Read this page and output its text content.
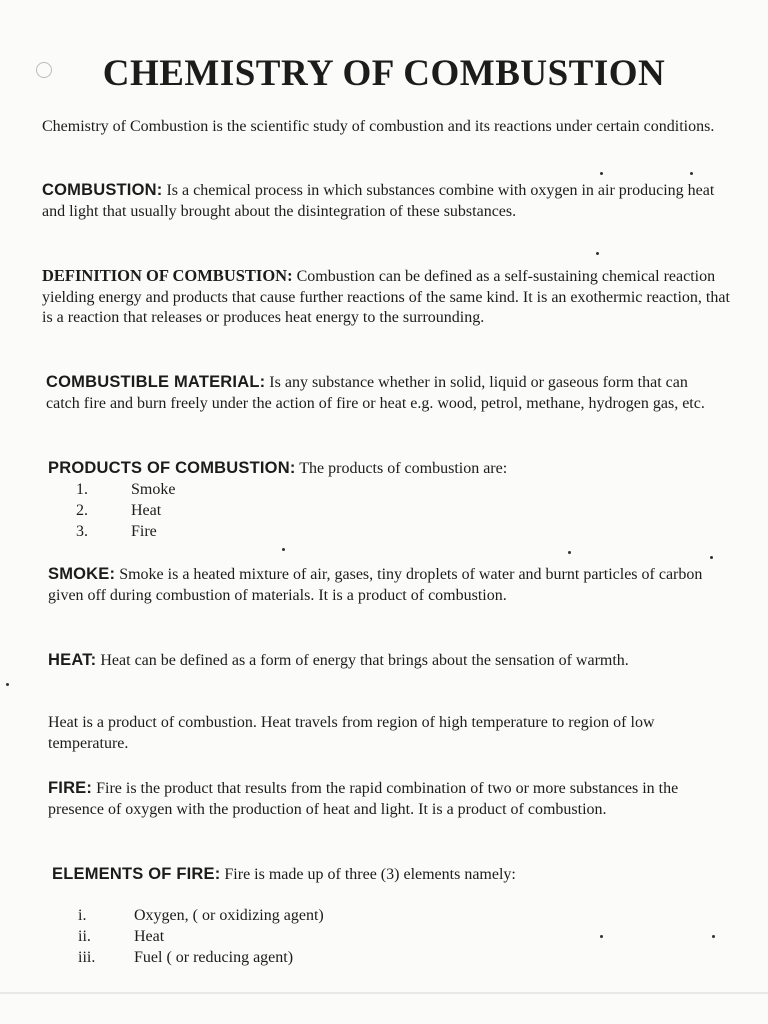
CHEMISTRY OF COMBUSTION

Chemistry of Combustion is the scientific study of combustion and its reactions under certain conditions.

COMBUSTION: Is a chemical process in which substances combine with oxygen in air producing heat and light that usually brought about the disintegration of these substances.

DEFINITION OF COMBUSTION: Combustion can be defined as a self-sustaining chemical reaction yielding energy and products that cause further reactions of the same kind. It is an exothermic reaction, that is a reaction that releases or produces heat energy to the surrounding.

COMBUSTIBLE MATERIAL: Is any substance whether in solid, liquid or gaseous form that can catch fire and burn freely under the action of fire or heat e.g. wood, petrol, methane, hydrogen gas, etc.

PRODUCTS OF COMBUSTION: The products of combustion are:

1.	Smoke
2.	Heat
3.	Fire

SMOKE: Smoke is a heated mixture of air, gases, tiny droplets of water and burnt particles of carbon given off during combustion of materials. It is a product of combustion.

HEAT: Heat can be defined as a form of energy that brings about the sensation of warmth.

Heat is a product of combustion. Heat travels from region of high temperature to region of low temperature.

FIRE: Fire is the product that results from the rapid combination of two or more substances in the presence of oxygen with the production of heat and light. It is a product of combustion.

ELEMENTS OF FIRE: Fire is made up of three (3) elements namely:

i.	Oxygen, ( or oxidizing agent)
ii.	Heat
iii. Fuel ( or reducing agent)
